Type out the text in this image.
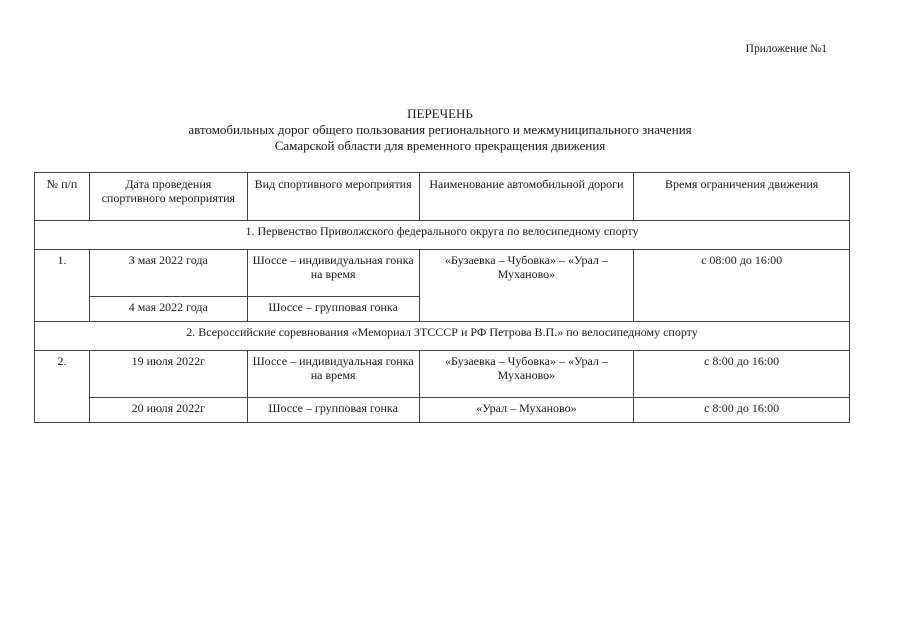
Приложение №1
ПЕРЕЧЕНЬ
автомобильных дорог общего пользования регионального и межмуниципального значения
Самарской области для временного прекращения движения
№ п/п	Дата проведения спортивного мероприятия	Вид спортивного мероприятия	Наименование автомобильной дороги	Время ограничения движения
1. Первенство Приволжского федерального округа по велосипедному спорту				
1.	3 мая 2022 года	Шоссе – индивидуальная гонка на время	«Бузаевка – Чубовка» – «Урал – Муханово»	с 08:00 до 16:00
	4 мая 2022 года	Шоссе – групповая гонка		
2. Всероссийские соревнования «Мемориал ЗТСССР и РФ Петрова В.П.» по велосипедному спорту				
2.	19 июля 2022г	Шоссе – индивидуальная гонка на время	«Бузаевка – Чубовка» – «Урал – Муханово»	с 8:00 до 16:00
	20 июля 2022г	Шоссе – групповая гонка	«Урал – Муханово»	с 8:00 до 16:00
